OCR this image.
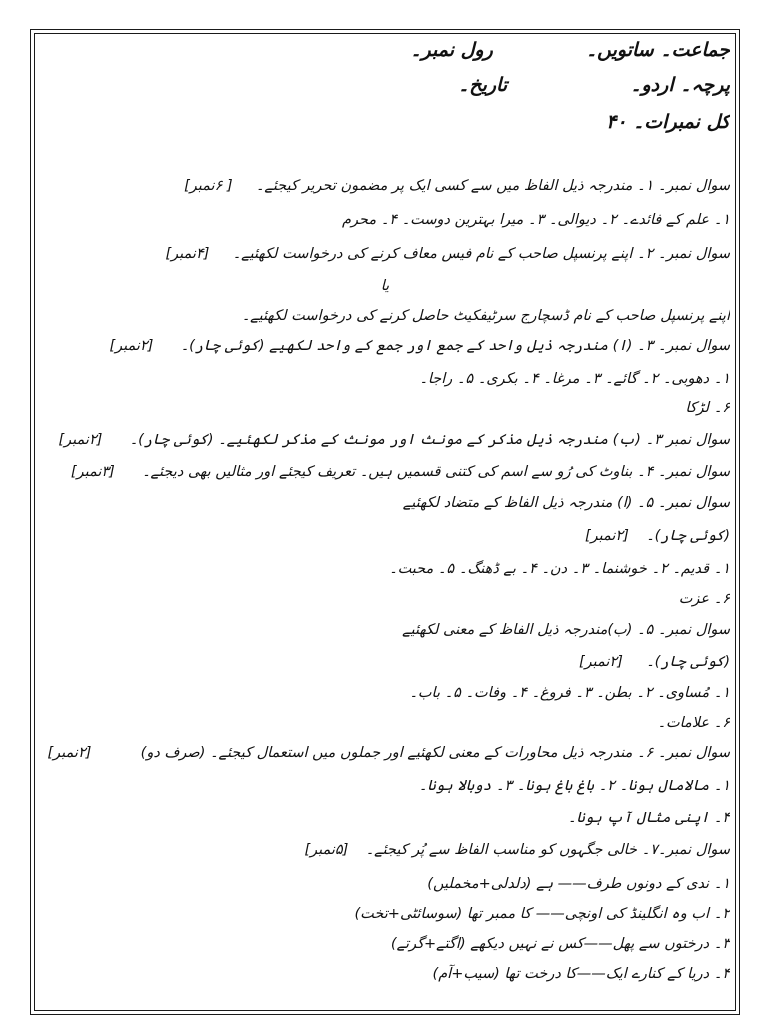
جماعت۔ ساتویں۔  رول نمبر۔
پرچہ۔ اردو۔  تاریخ۔
کل نمبرات۔ ۴۰
سوال نمبر۔ ۱۔ مندرجہ ذیل الفاظ میں سے کسی ایک پر مضمون تحریر کیجئے۔  [ ۶نمبر]
۱۔ علم کے فائدے۔ ۲۔ دیوالی۔ ۳۔ میرا بہترین دوست۔ ۴۔ محرم
سوال نمبر۔ ۲۔ اپنے پرنسپل صاحب کے نام فیس معاف کرنے کی درخواست لکھئیے۔  [۴نمبر]
یا
اپنے پرنسپل صاحب کے نام ڈسچارج سرٹیفکیٹ حاصل کرنے کی درخواست لکھئیے۔
سوال نمبر۔ ۳۔ (ا) مندرجہ ذیل واحد کے جمع اور جمع کے واحد لکھیے (کوئی چار)۔  [۲نمبر]
۱۔ دھوبی۔ ۲۔ گائے۔ ۳۔ مرغا۔ ۴۔ بکری۔ ۵۔ راجا۔
۶۔ لڑکا
سوال نمبر ۳۔ (ب) مندرجہ ذیل مذکر کے مونث اور مونث کے مذکر لکھئیے۔ (کوئی چار)۔  [۲نمبر]
سوال نمبر۔ ۴۔ بناوٹ کی رُو سے اسم کی کتنی قسمیں ہیں۔ تعریف کیجئے اور مثالیں بھی دیجئے۔  [۳نمبر]
سوال نمبر۔ ۵۔ (ا) مندرجہ ذیل الفاظ کے متضاد لکھئیے
(کوئی چار)۔  [۲نمبر]
۱۔ قدیم۔ ۲۔ خوشنما۔ ۳۔ دن۔ ۴۔ بے ڈھنگ۔ ۵۔ محبت۔
۶۔ عزت
سوال نمبر۔ ۵۔ (ب)مندرجہ ذیل الفاظ کے معنی لکھئیے
(کوئی چار)۔  [۲نمبر]
۱۔ مُساوی۔ ۲۔ بطن۔ ۳۔ فروغ۔ ۴۔ وفات۔ ۵۔ باب۔
۶۔ علامات۔
سوال نمبر۔ ۶۔ مندرجہ ذیل محاورات کے معنی لکھئیے اور جملوں میں استعمال کیجئے۔ (صرف دو)  [۲نمبر]
۱۔ مالامال ہونا۔ ۲۔ باغ باغ ہونا۔ ۳۔ دوبالا ہونا۔
۴۔ اپنی مثال آپ ہونا۔
سوال نمبر۔۷۔ خالی جگہوں کو مناسب الفاظ سے پُر کیجئے۔  [۵نمبر]
۱۔ ندی کے دونوں طرف—— ہے (دلدلی+مخملیں)
۲۔ اب وہ انگلینڈ کی اونچی—— کا ممبر تھا (سوسائٹی+تخت)
۳۔ درختوں سے پھل——کس نے نہیں دیکھے (اگتے+گرتے)
۴۔ دریا کے کنارے ایک——کا درخت تھا (سیب+آم)
